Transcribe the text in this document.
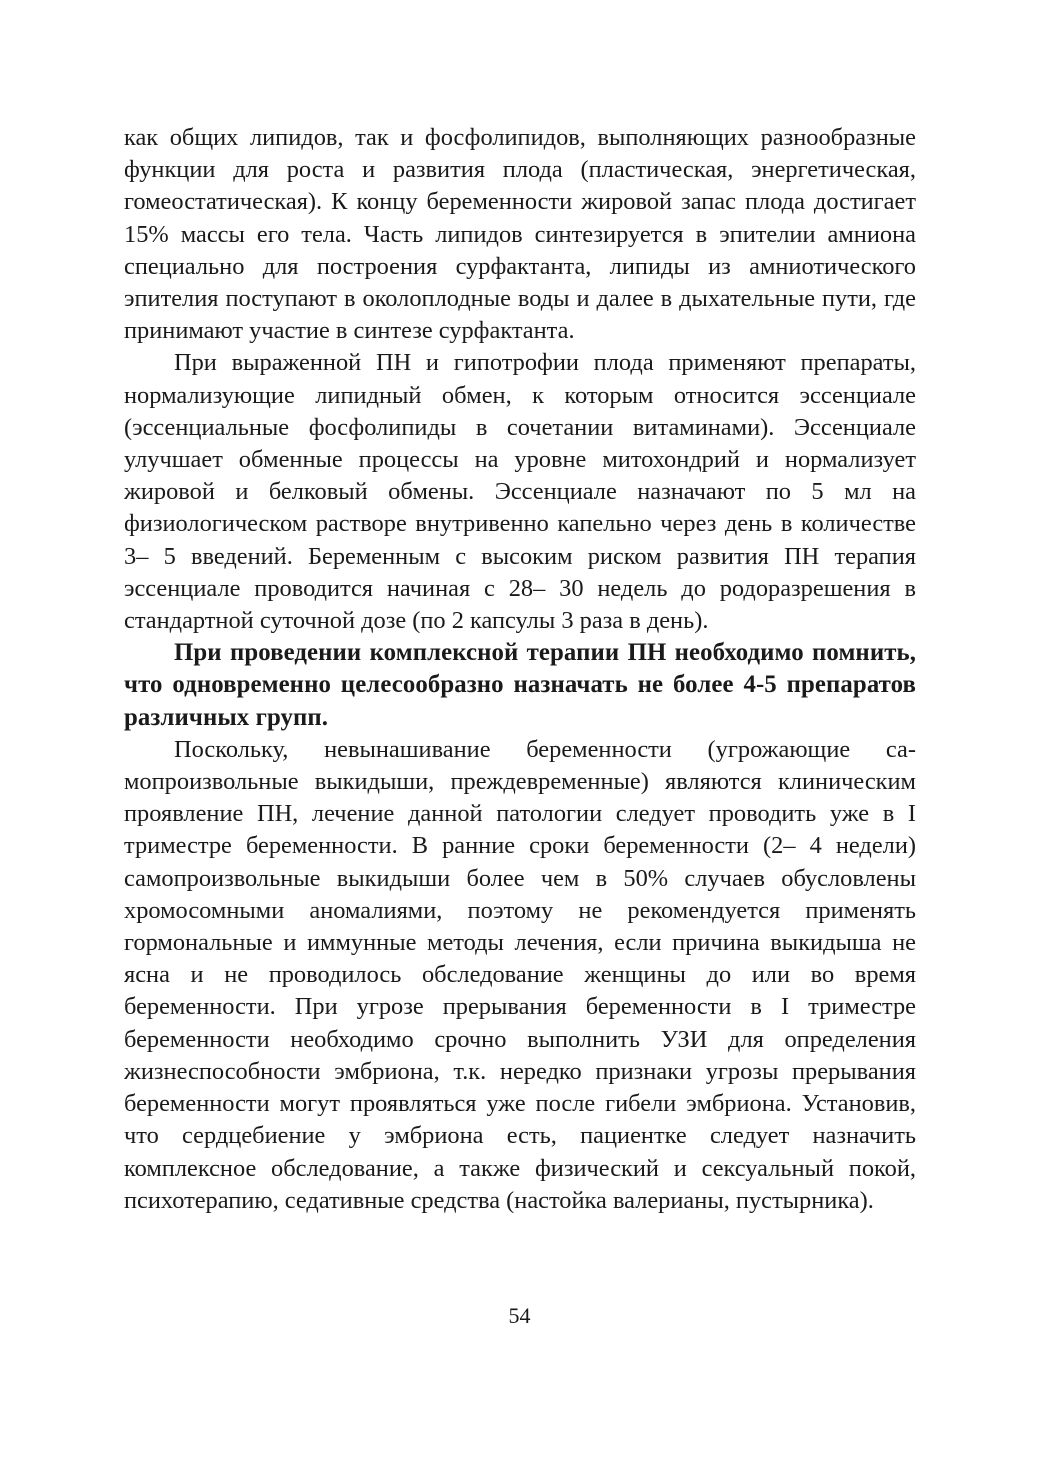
как общих липидов, так и фосфолипидов, выполняющих разнообразные функции для роста и развития плода (пластическая, энергетическая, гомеостатическая). К концу беременности жировой запас плода достигает 15% массы его тела. Часть липидов синтезируется в эпителии амниона специально для построения сурфактанта, липиды из амниотического эпителия поступают в околоплодные воды и далее в дыхательные пути, где принимают участие в синтезе сурфактанта.

При выраженной ПН и гипотрофии плода применяют препараты, нормализующие липидный обмен, к которым относится эссенциале (эссенциальные фосфолипиды в сочетании витаминами). Эссенциале улучшает обменные процессы на уровне митохондрий и нормализует жировой и белковый обмены. Эссенциале назначают по 5 мл на физиологическом растворе внутривенно капельно через день в количестве 3– 5 введений. Беременным с высоким риском развития ПН терапия эссенциале проводится начиная с 28– 30 недель до родоразрешения в стандартной суточной дозе (по 2 капсулы 3 раза в день).

При проведении комплексной терапии ПН необходимо помнить, что одновременно целесообразно назначать не более 4-5 препаратов различных групп.

Поскольку, невынашивание беременности (угрожающие самопроизвольные выкидыши, преждевременные) являются клиническим проявление ПН, лечение данной патологии следует проводить уже в I триместре беременности. В ранние сроки беременности (2– 4 недели) самопроизвольные выкидыши более чем в 50% случаев обусловлены хромосомными аномалиями, поэтому не рекомендуется применять гормональные и иммунные методы лечения, если причина выкидыша не ясна и не проводилось обследование женщины до или во время беременности. При угрозе прерывания беременности в I триместре беременности необходимо срочно выполнить УЗИ для определения жизнеспособности эмбриона, т.к. нередко признаки угрозы прерывания беременности могут проявляться уже после гибели эмбриона. Установив, что сердцебиение у эмбриона есть, пациентке следует назначить комплексное обследование, а также физический и сексуальный покой, психотерапию, седативные средства (настойка валерианы, пустырника).

54
